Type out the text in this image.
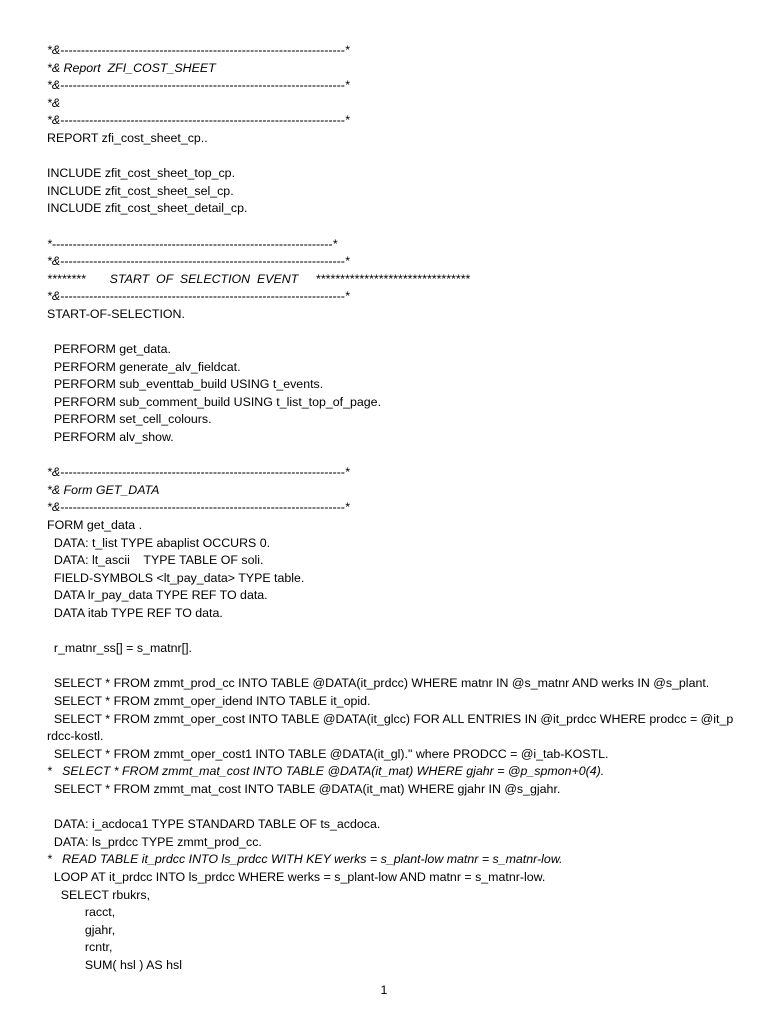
*&---------------------------------------------------------------------*
*& Report  ZFI_COST_SHEET
*&---------------------------------------------------------------------*
*&
*&---------------------------------------------------------------------*
REPORT zfi_cost_sheet_cp..
INCLUDE zfit_cost_sheet_top_cp.
INCLUDE zfit_cost_sheet_sel_cp.
INCLUDE zfit_cost_sheet_detail_cp.
*--------------------------------------------------------------------*
*&---------------------------------------------------------------------*
********       START  OF  SELECTION  EVENT     ********************************
*&---------------------------------------------------------------------*
START-OF-SELECTION.
PERFORM get_data.
PERFORM generate_alv_fieldcat.
PERFORM sub_eventtab_build USING t_events.
PERFORM sub_comment_build USING t_list_top_of_page.
PERFORM set_cell_colours.
PERFORM alv_show.
*&---------------------------------------------------------------------*
*& Form GET_DATA
*&---------------------------------------------------------------------*
FORM get_data .
DATA: t_list TYPE abaplist OCCURS 0.
DATA: lt_ascii    TYPE TABLE OF soli.
FIELD-SYMBOLS <lt_pay_data> TYPE table.
DATA lr_pay_data TYPE REF TO data.
DATA itab TYPE REF TO data.
r_matnr_ss[] = s_matnr[].
SELECT * FROM zmmt_prod_cc INTO TABLE @DATA(it_prdcc) WHERE matnr IN @s_matnr AND werks IN @s_plant.
SELECT * FROM zmmt_oper_idend INTO TABLE it_opid.
SELECT * FROM zmmt_oper_cost INTO TABLE @DATA(it_glcc) FOR ALL ENTRIES IN @it_prdcc WHERE prodcc = @it_p
rdcc-kostl.
SELECT * FROM zmmt_oper_cost1 INTO TABLE @DATA(it_gl)." where PRODCC = @i_tab-KOSTL.
*   SELECT * FROM zmmt_mat_cost INTO TABLE @DATA(it_mat) WHERE gjahr = @p_spmon+0(4).
SELECT * FROM zmmt_mat_cost INTO TABLE @DATA(it_mat) WHERE gjahr IN @s_gjahr.
DATA: i_acdoca1 TYPE STANDARD TABLE OF ts_acdoca.
DATA: ls_prdcc TYPE zmmt_prod_cc.
*   READ TABLE it_prdcc INTO ls_prdcc WITH KEY werks = s_plant-low matnr = s_matnr-low.
LOOP AT it_prdcc INTO ls_prdcc WHERE werks = s_plant-low AND matnr = s_matnr-low.
SELECT rbukrs,
racct,
gjahr,
rcntr,
SUM( hsl ) AS hsl
1
